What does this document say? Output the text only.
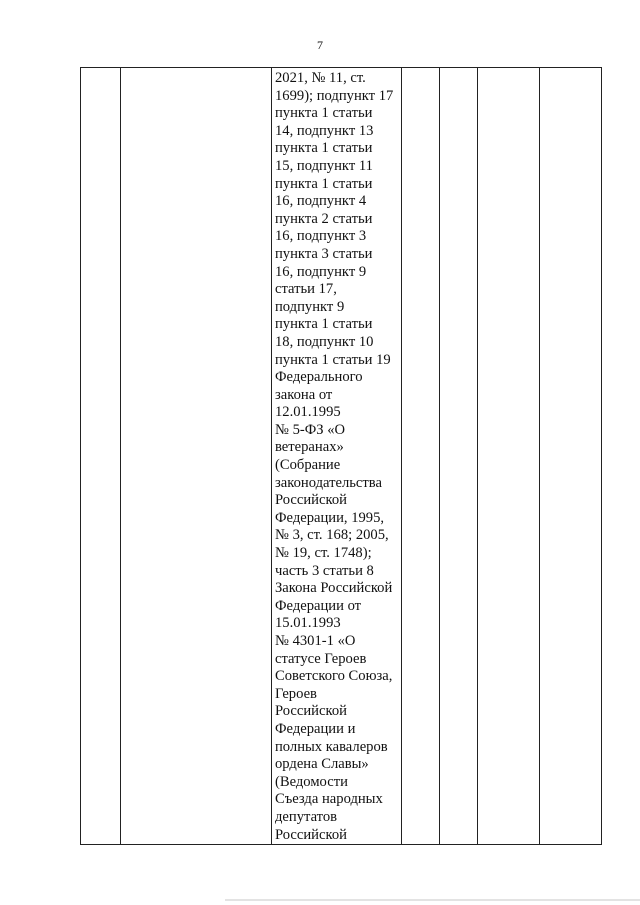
7

2021, № 11, ст.
1699); подпункт 17
пункта 1 статьи
14, подпункт 13
пункта 1 статьи
15, подпункт 11
пункта 1 статьи
16, подпункт 4
пункта 2 статьи
16, подпункт 3
пункта 3 статьи
16, подпункт 9
статьи 17,
подпункт 9
пункта 1 статьи
18, подпункт 10
пункта 1 статьи 19
Федерального
закона от
12.01.1995
№ 5-ФЗ «О
ветеранах»
(Собрание
законодательства
Российской
Федерации, 1995,
№ 3, ст. 168; 2005,
№ 19, ст. 1748);
часть 3 статьи 8
Закона Российской
Федерации от
15.01.1993
№ 4301-1 «О
статусе Героев
Советского Союза,
Героев
Российской
Федерации и
полных кавалеров
ордена Славы»
(Ведомости
Съезда народных
депутатов
Российской
